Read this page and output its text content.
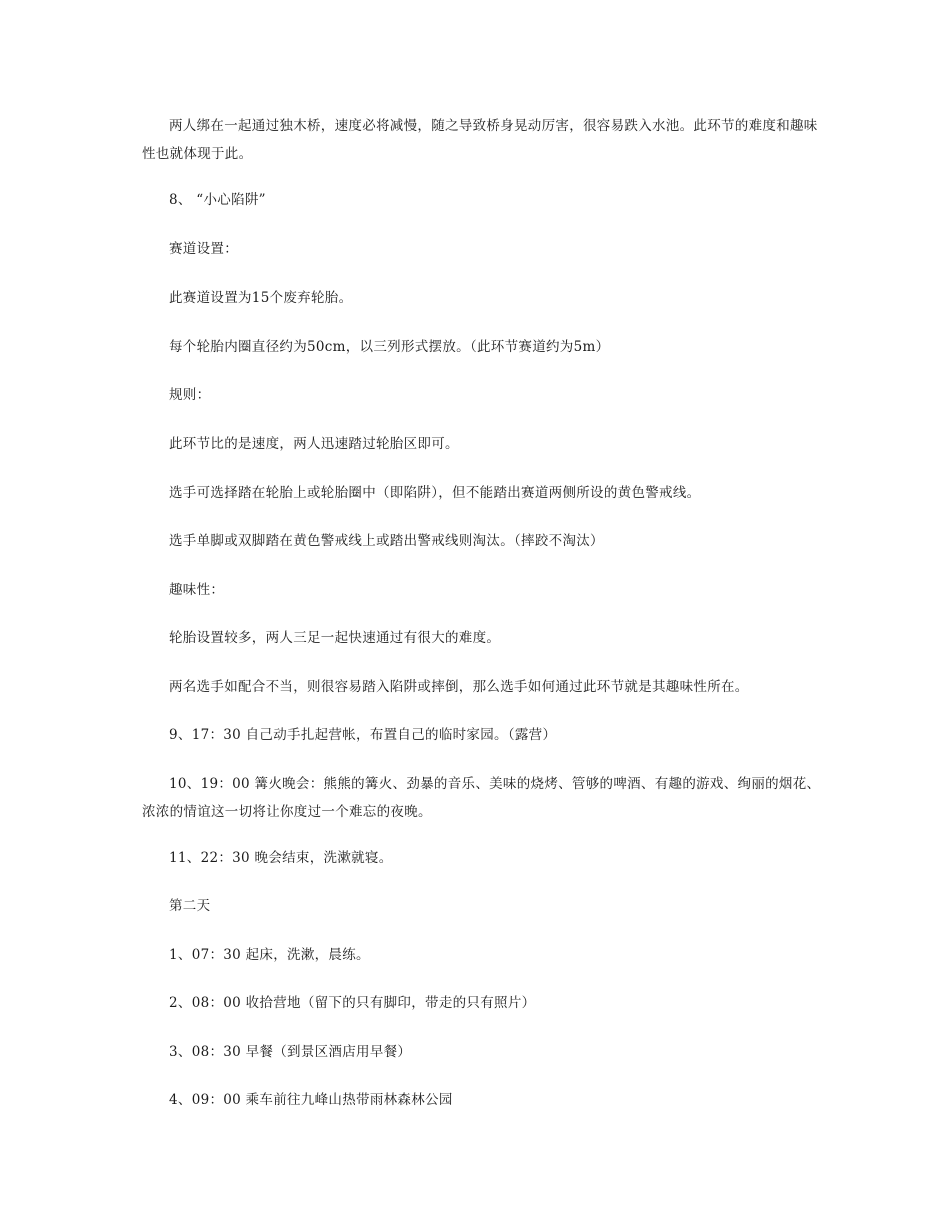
两人绑在一起通过独木桥，速度必将减慢，随之导致桥身晃动厉害，很容易跌入水池。此环节的难度和趣味性也就体现于此。
8、 “小心陷阱”
赛道设置：
此赛道设置为15个废弃轮胎。
每个轮胎内圈直径约为50cm，以三列形式摆放。（此环节赛道约为5m）
规则：
此环节比的是速度，两人迅速踏过轮胎区即可。
选手可选择踏在轮胎上或轮胎圈中（即陷阱），但不能踏出赛道两侧所设的黄色警戒线。
选手单脚或双脚踏在黄色警戒线上或踏出警戒线则淘汰。（摔跤不淘汰）
趣味性：
轮胎设置较多，两人三足一起快速通过有很大的难度。
两名选手如配合不当，则很容易踏入陷阱或摔倒，那么选手如何通过此环节就是其趣味性所在。
9、17：30 自己动手扎起营帐，布置自己的临时家园。（露营）
10、19：00 篝火晚会：熊熊的篝火、劲暴的音乐、美味的烧烤、管够的啤酒、有趣的游戏、绚丽的烟花、浓浓的情谊这一切将让你度过一个难忘的夜晚。
11、22：30 晚会结束，洗漱就寝。
第二天
1、07：30 起床，洗漱，晨练。
2、08：00 收拾营地（留下的只有脚印，带走的只有照片）
3、08：30 早餐（到景区酒店用早餐）
4、09：00 乘车前往九峰山热带雨林森林公园
